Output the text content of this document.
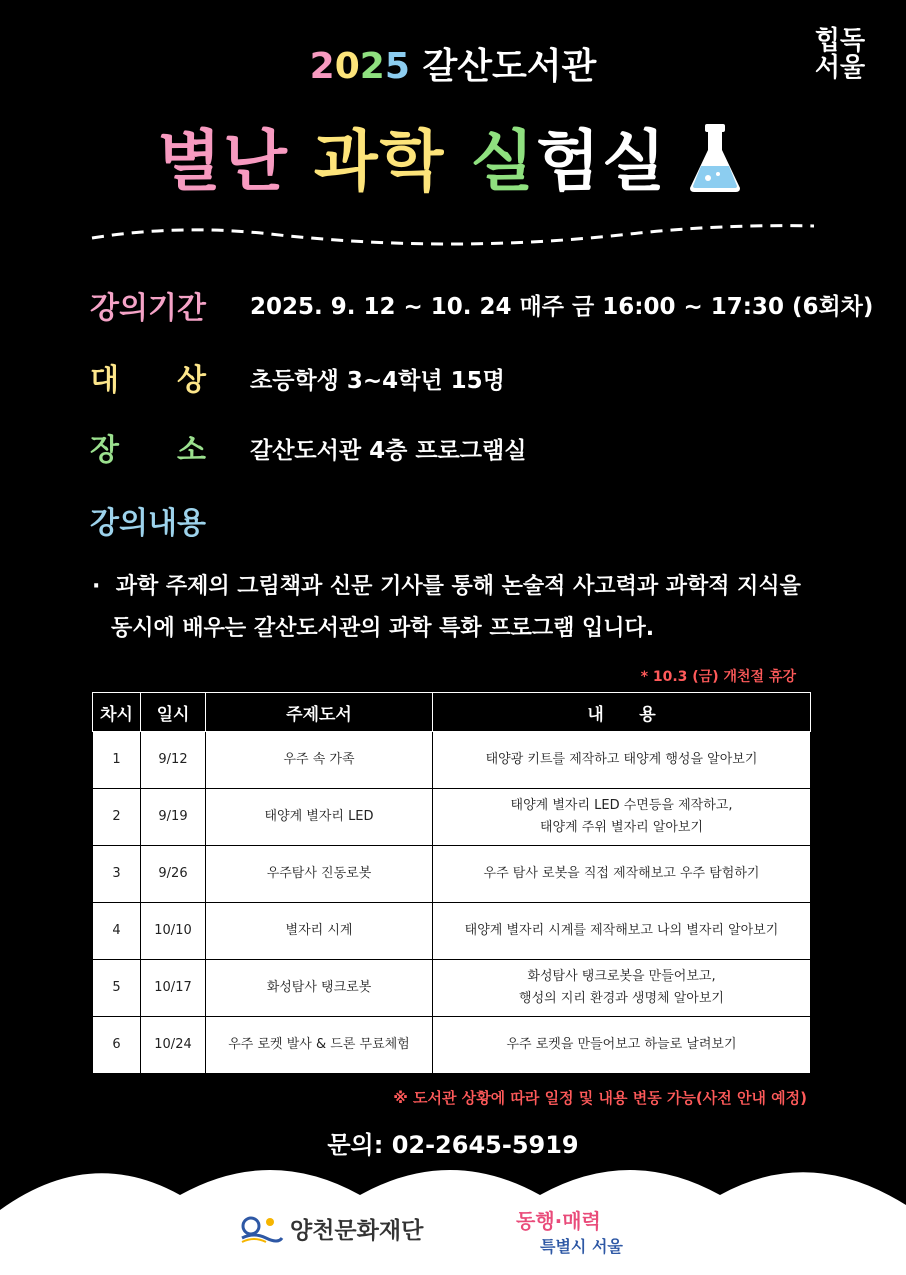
2025 갈산도서관
힙독
서울
별난 과학 실험실
강의기간 2025. 9. 12 ~ 10. 24 매주 금 16:00 ~ 17:30 (6회차)
대상
초등학생 3~4학년 15명
장소
갈산도서관 4층 프로그램실
강의내용
· 과학 주제의 그림책과 신문 기사를 통해 논술적 사고력과 과학적 지식을
동시에 배우는 갈산도서관의 과학 특화 프로그램 입니다.
* 10.3 (금) 개천절 휴강
차시	일시	주제도서	내      용
1	9/12	우주 속 가족	태양광 키트를 제작하고 태양계 행성을 알아보기

2	9/19	태양계 별자리 LED	태양계 별자리 LED 수면등을 제작하고,
태양계 주위 별자리 알아보기

3	9/26	우주탐사 진동로봇	우주 탐사 로봇을 직접 제작해보고 우주 탐험하기

4	10/10	별자리 시계	태양계 별자리 시계를 제작해보고 나의 별자리 알아보기

5	10/17	화성탐사 탱크로봇	화성탐사 탱크로봇을 만들어보고,
행성의 지리 환경과 생명체 알아보기

6	10/24	우주 로켓 발사 & 드론 무료체험	우주 로켓을 만들어보고 하늘로 날려보기
※ 도서관 상황에 따라 일정 및 내용 변동 가능(사전 안내 예정)
문의: 02-2645-5919
양천문화재단	동행·매력
특별시 서울
